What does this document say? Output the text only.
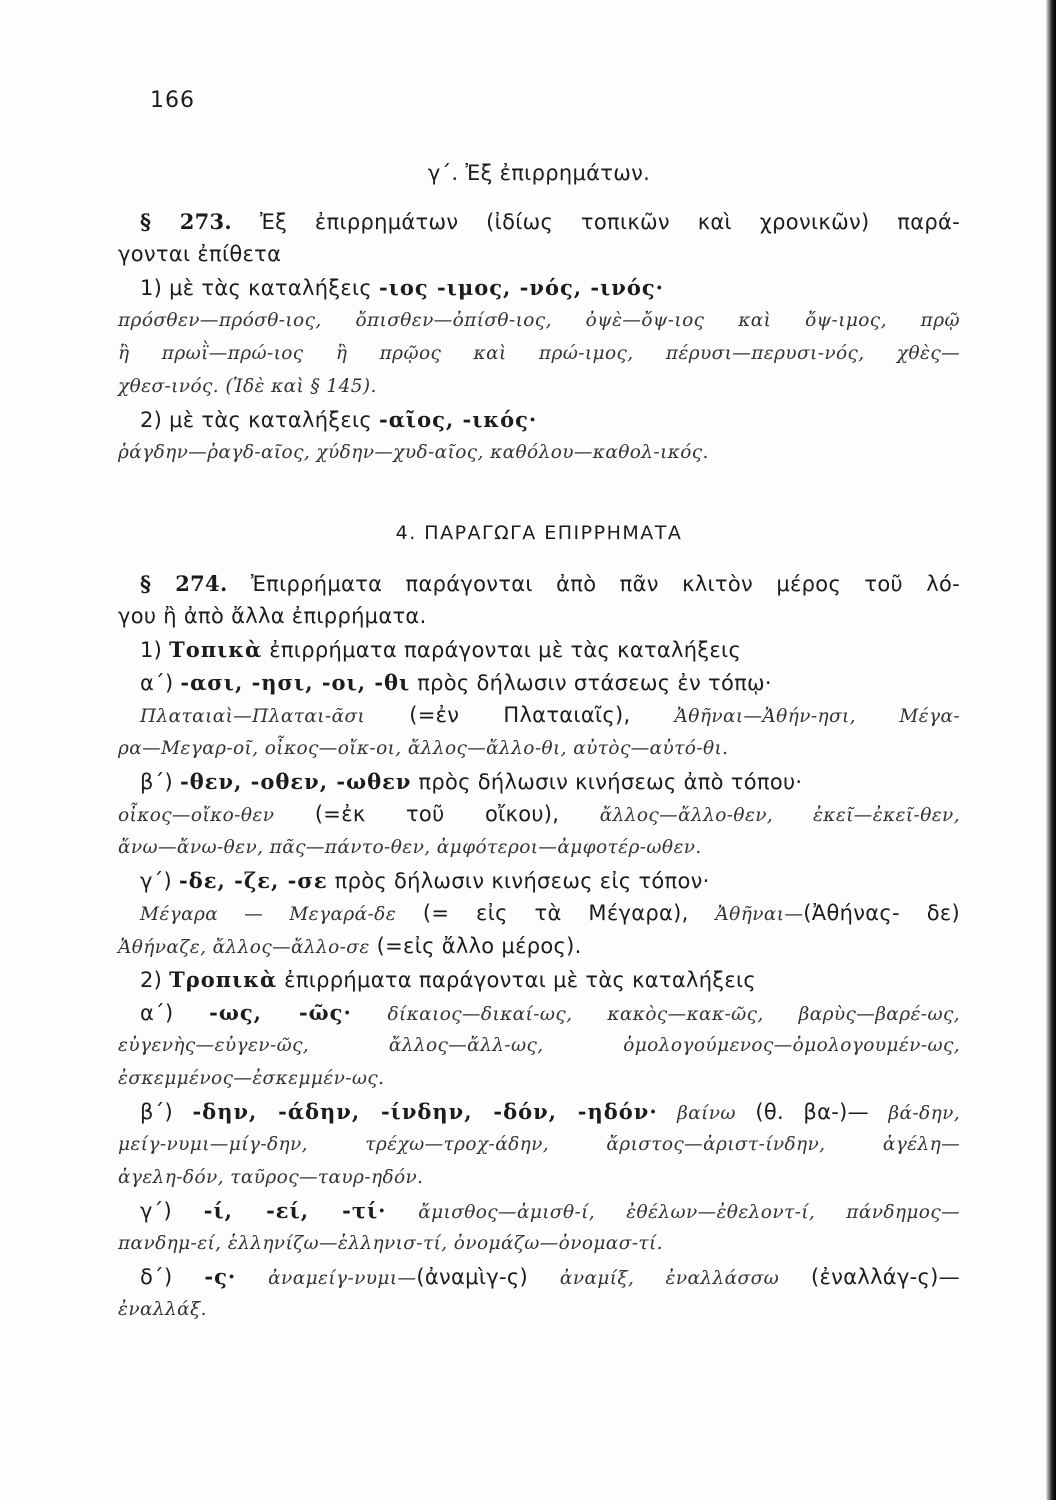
166
γ΄. Ἐξ ἐπιρρημάτων.
§ 273. Ἐξ ἐπιρρημάτων (ἰδίως τοπικῶν καὶ χρονικῶν) παρά-
γονται ἐπίθετα
1) μὲ τὰς καταλήξεις -ιος -ιμος, -νός, -ινός·
πρόσθεν—πρόσθ-ιος, ὄπισθεν—ὀπίσθ-ιος, ὀψὲ—ὄψ-ιος καὶ ὄψ-ιμος, πρῷ
ἢ πρωῒ—πρώ-ιος ἢ πρῷος καὶ πρώ-ιμος, πέρυσι—περυσι-νός, χθὲς—
χθεσ-ινός. (Ἰδὲ καὶ § 145).
2) μὲ τὰς καταλήξεις -αῖος, -ικός·
ῥάγδην—ῥαγδ-αῖος, χύδην—χυδ-αῖος, καθόλου—καθολ-ικός.
4. ΠΑΡΑΓΩΓΑ ΕΠΙΡΡΗΜΑΤΑ
§ 274. Ἐπιρρήματα παράγονται ἀπὸ πᾶν κλιτὸν μέρος τοῦ λό-
γου ἢ ἀπὸ ἄλλα ἐπιρρήματα.
1) Τοπικὰ ἐπιρρήματα παράγονται μὲ τὰς καταλήξεις
α΄) -ασι, -ησι, -οι, -θι πρὸς δήλωσιν στάσεως ἐν τόπῳ·
Πλαταιαὶ—Πλαται-ᾶσι (=ἐν Πλαταιαῖς), Ἀθῆναι—Ἀθήν-ησι, Μέγα-
ρα—Μεγαρ-οῖ, οἶκος—οἴκ-οι, ἄλλος—ἄλλο-θι, αὐτὸς—αὐτό-θι.
β΄) -θεν, -οθεν, -ωθεν πρὸς δήλωσιν κινήσεως ἀπὸ τόπου·
οἶκος—οἴκο-θεν (=ἐκ τοῦ οἴκου), ἄλλος—ἄλλο-θεν, ἐκεῖ—ἐκεῖ-θεν,
ἄνω—ἄνω-θεν, πᾶς—πάντο-θεν, ἀμφότεροι—ἀμφοτέρ-ωθεν.
γ΄) -δε, -ζε, -σε πρὸς δήλωσιν κινήσεως εἰς τόπον·
Μέγαρα — Μεγαρά-δε (= εἰς τὰ Μέγαρα), Ἀθῆναι—(Ἀθήνας- δε)
Ἀθήναζε, ἄλλος—ἄλλο-σε (=εἰς ἄλλο μέρος).
2) Τροπικὰ ἐπιρρήματα παράγονται μὲ τὰς καταλήξεις
α΄) -ως, -ῶς· δίκαιος—δικαί-ως, κακὸς—κακ-ῶς, βαρὺς—βαρέ-ως,
εὐγενὴς—εὐγεν-ῶς, ἄλλος—ἄλλ-ως, ὁμολογούμενος—ὁμολογουμέν-ως,
ἐσκεμμένος—ἐσκεμμέν-ως.
β΄) -δην, -άδην, -ίνδην, -δόν, -ηδόν· βαίνω (θ. βα-)— βά-δην,
μείγ-νυμι—μίγ-δην, τρέχω—τροχ-άδην, ἄριστος—ἀριστ-ίνδην, ἀγέλη—
ἀγελη-δόν, ταῦρος—ταυρ-ηδόν.
γ΄) -ί, -εί, -τί· ἄμισθος—ἀμισθ-ί, ἐθέλων—ἐθελοντ-ί, πάνδημος—
πανδημ-εί, ἑλληνίζω—ἑλληνισ-τί, ὀνομάζω—ὀνομασ-τί.
δ΄) -ς· ἀναμείγ-νυμι—(ἀναμὶγ-ς) ἀναμίξ, ἐναλλάσσω (ἐναλλάγ-ς)—
ἐναλλάξ.
